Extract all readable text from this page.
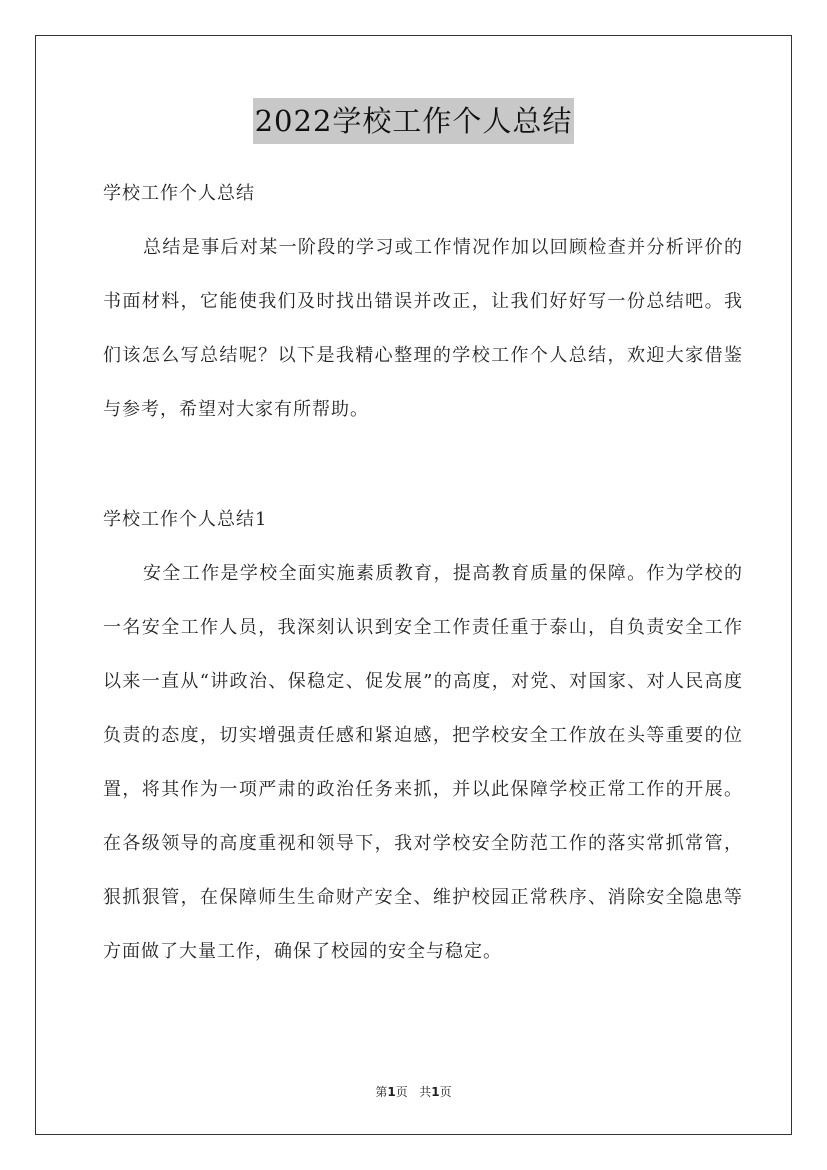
2022学校工作个人总结
学校工作个人总结
总结是事后对某一阶段的学习或工作情况作加以回顾检查并分析评价的书面材料，它能使我们及时找出错误并改正，让我们好好写一份总结吧。我们该怎么写总结呢？以下是我精心整理的学校工作个人总结，欢迎大家借鉴与参考，希望对大家有所帮助。
学校工作个人总结1
安全工作是学校全面实施素质教育，提高教育质量的保障。作为学校的一名安全工作人员，我深刻认识到安全工作责任重于泰山，自负责安全工作以来一直从“讲政治、保稳定、促发展”的高度，对党、对国家、对人民高度负责的态度，切实增强责任感和紧迫感，把学校安全工作放在头等重要的位置，将其作为一项严肃的政治任务来抓，并以此保障学校正常工作的开展。在各级领导的高度重视和领导下，我对学校安全防范工作的落实常抓常管，狠抓狠管，在保障师生生命财产安全、维护校园正常秩序、消除安全隐患等方面做了大量工作，确保了校园的安全与稳定。
第1页   共1页
